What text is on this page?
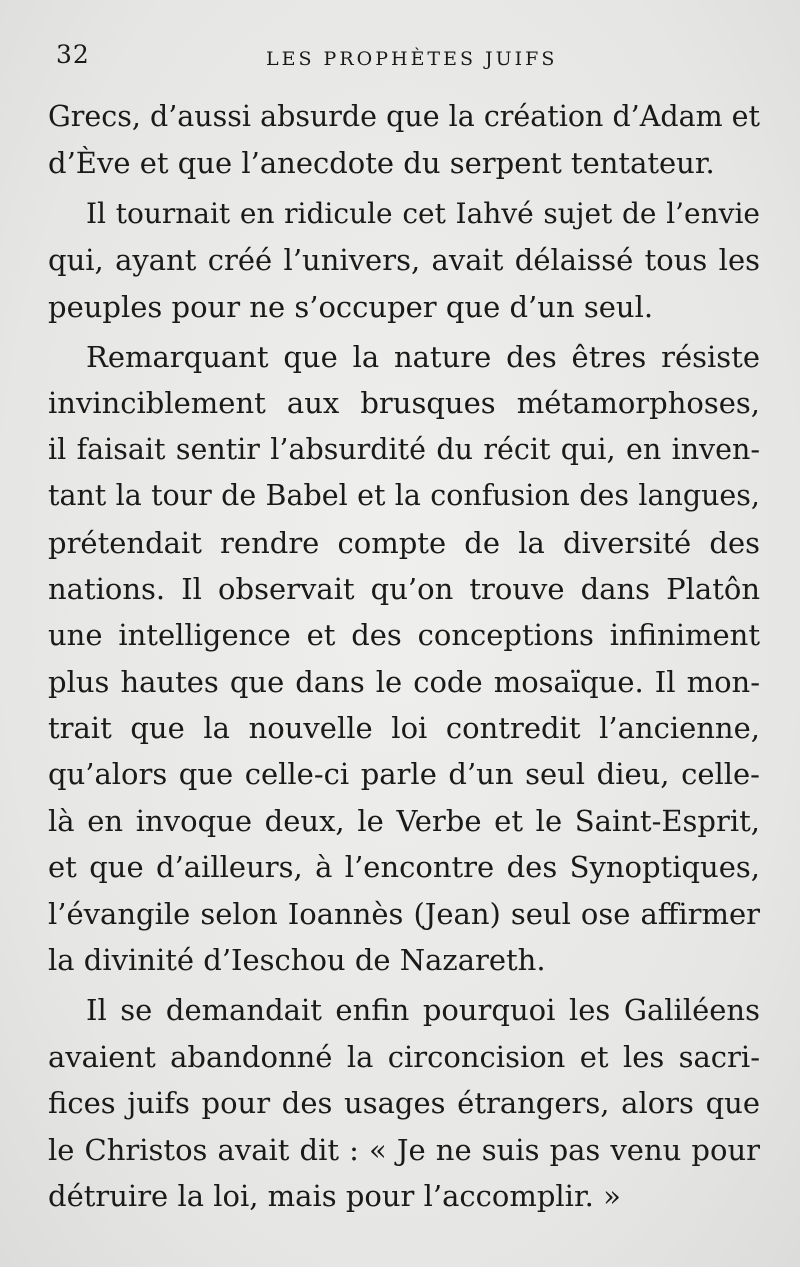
32	LES PROPHÈTES JUIFS
Grecs, d’aussi absurde que la création d’Adam et
d’Ève et que l’anecdote du serpent tentateur.
Il tournait en ridicule cet Iahvé sujet de l’envie
qui, ayant créé l’univers, avait délaissé tous les
peuples pour ne s’occuper que d’un seul.
Remarquant que la nature des êtres résiste
invinciblement aux brusques métamorphoses,
il faisait sentir l’absurdité du récit qui, en inven-
tant la tour de Babel et la confusion des langues,
prétendait rendre compte de la diversité des
nations. Il observait qu’on trouve dans Platôn
une intelligence et des conceptions infiniment
plus hautes que dans le code mosaïque. Il mon-
trait que la nouvelle loi contredit l’ancienne,
qu’alors que celle-ci parle d’un seul dieu, celle-
là en invoque deux, le Verbe et le Saint-Esprit,
et que d’ailleurs, à l’encontre des Synoptiques,
l’évangile selon Ioannès (Jean) seul ose affirmer
la divinité d’Ieschou de Nazareth.
Il se demandait enfin pourquoi les Galiléens
avaient abandonné la circoncision et les sacri-
fices juifs pour des usages étrangers, alors que
le Christos avait dit : « Je ne suis pas venu pour
détruire la loi, mais pour l’accomplir. »
